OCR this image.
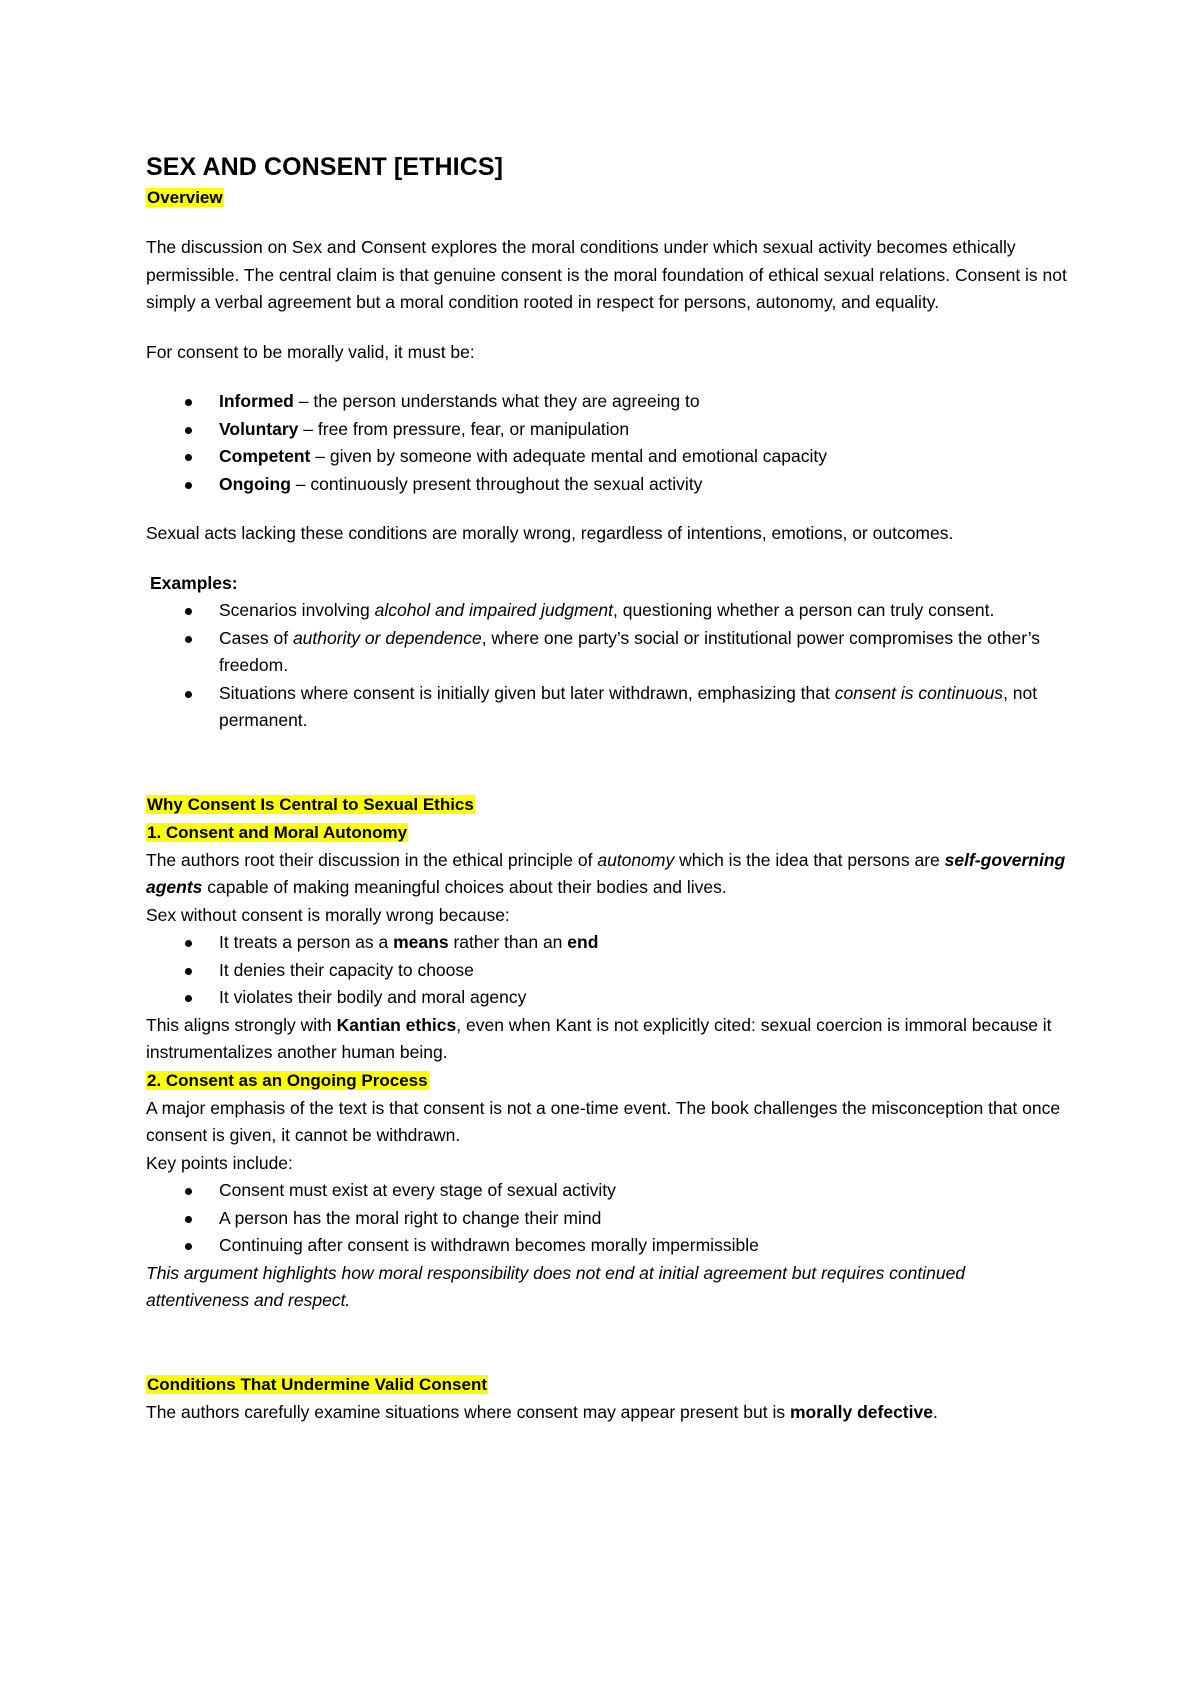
SEX AND CONSENT [ETHICS]
Overview

The discussion on Sex and Consent explores the moral conditions under which sexual activity becomes ethically permissible. The central claim is that genuine consent is the moral foundation of ethical sexual relations. Consent is not simply a verbal agreement but a moral condition rooted in respect for persons, autonomy, and equality.

For consent to be morally valid, it must be:

Informed – the person understands what they are agreeing to
Voluntary – free from pressure, fear, or manipulation
Competent – given by someone with adequate mental and emotional capacity
Ongoing – continuously present throughout the sexual activity

Sexual acts lacking these conditions are morally wrong, regardless of intentions, emotions, or outcomes.

Examples:

Scenarios involving alcohol and impaired judgment, questioning whether a person can truly consent.
Cases of authority or dependence, where one party’s social or institutional power compromises the other’s freedom.
Situations where consent is initially given but later withdrawn, emphasizing that consent is continuous, not permanent.
Why Consent Is Central to Sexual Ethics
1. Consent and Moral Autonomy

The authors root their discussion in the ethical principle of autonomy which is the idea that persons are self-governing agents capable of making meaningful choices about their bodies and lives.

Sex without consent is morally wrong because:

It treats a person as a means rather than an end
It denies their capacity to choose
It violates their bodily and moral agency

This aligns strongly with Kantian ethics, even when Kant is not explicitly cited: sexual coercion is immoral because it instrumentalizes another human being.

2. Consent as an Ongoing Process

A major emphasis of the text is that consent is not a one-time event. The book challenges the misconception that once consent is given, it cannot be withdrawn.

Key points include:

Consent must exist at every stage of sexual activity
A person has the moral right to change their mind
Continuing after consent is withdrawn becomes morally impermissible

This argument highlights how moral responsibility does not end at initial agreement but requires continued attentiveness and respect.

Conditions That Undermine Valid Consent

The authors carefully examine situations where consent may appear present but is morally defective.
